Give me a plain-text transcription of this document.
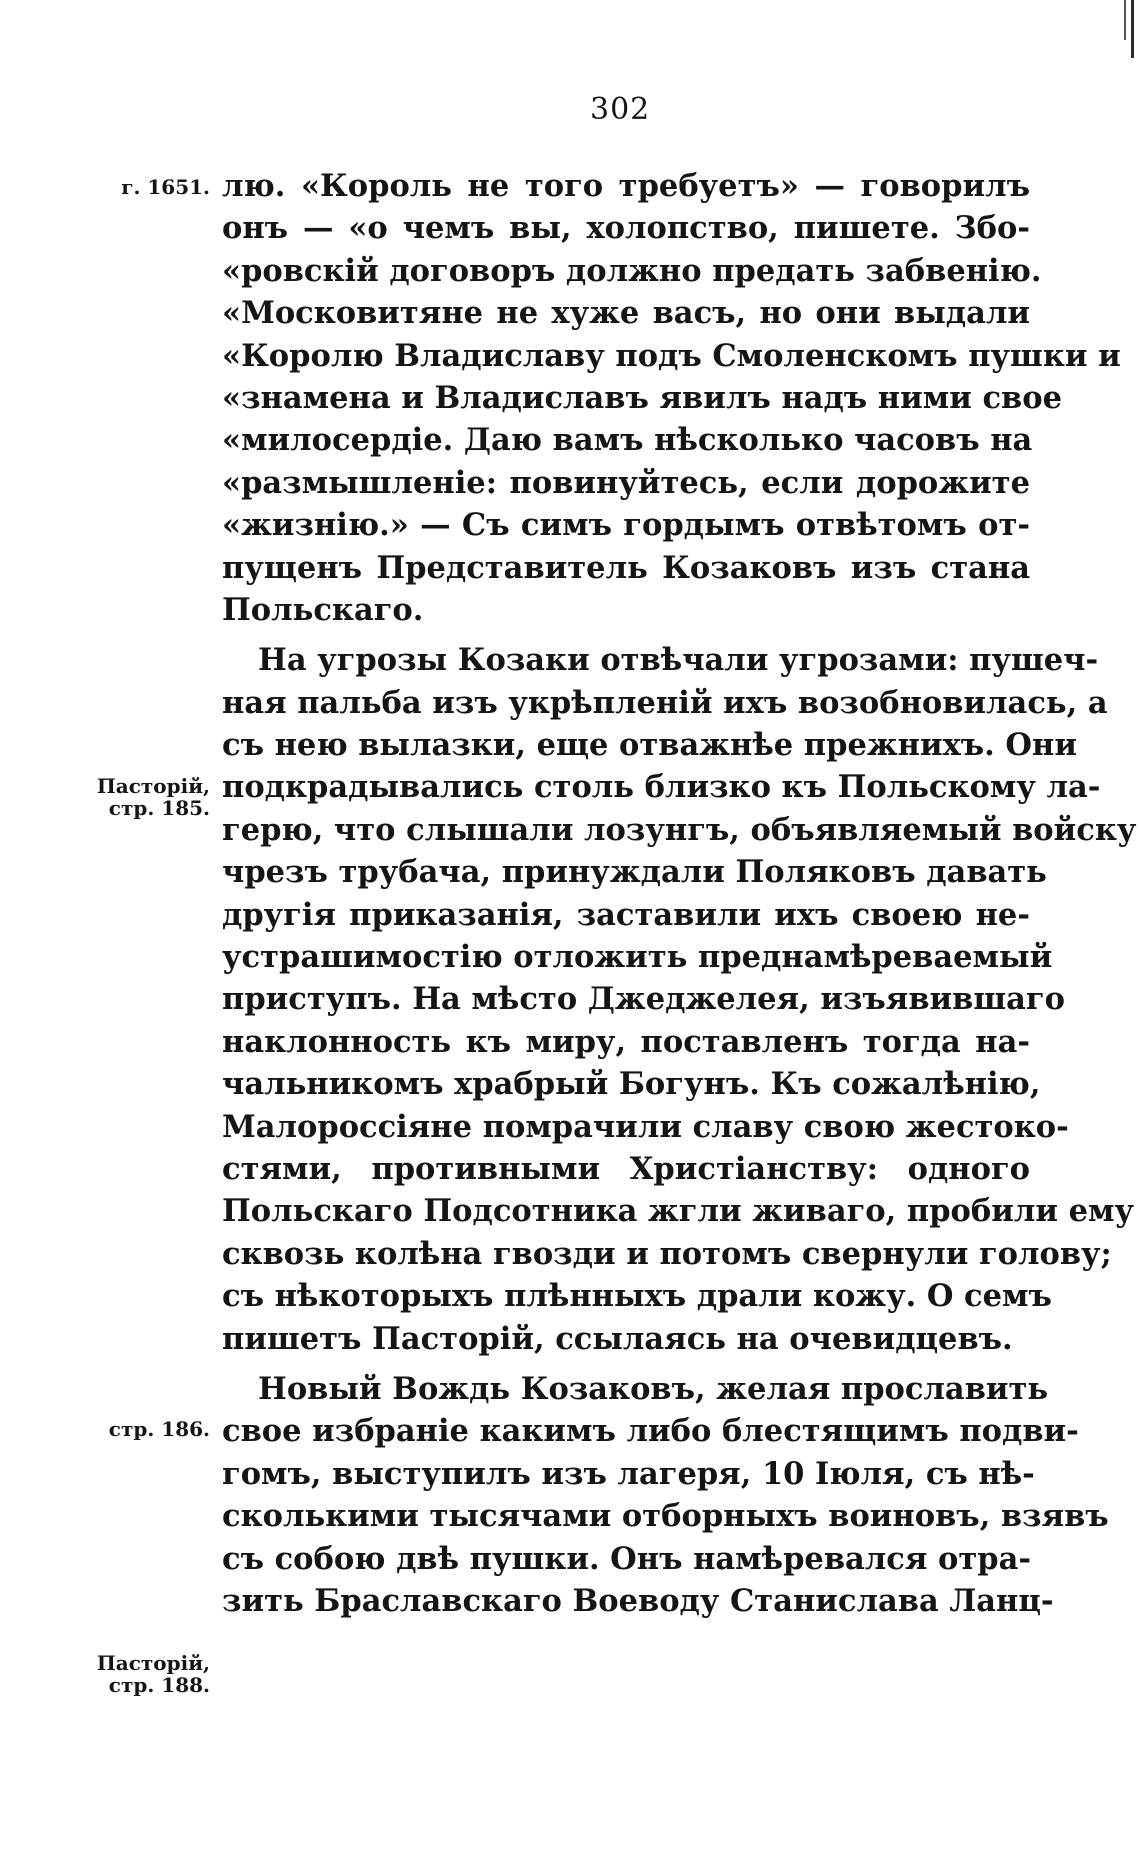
302
г. 1651.
Пасторій,
стр. 185.
стр. 186.
Пасторій,
стр. 188.
лю. «Король не того требуетъ» — говорилъ
онъ — «о чемъ вы, холопство, пишете. Збо-
«ровскій договоръ должно предать забвенію.
«Московитяне не хуже васъ, но они выдали
«Королю Владиславу подъ Смоленскомъ пушки и
«знамена и Владиславъ явилъ надъ ними свое
«милосердіе. Даю вамъ нѣсколько часовъ на
«размышленіе: повинуйтесь, если дорожите
«жизнію.» — Съ симъ гордымъ отвѣтомъ от-
пущенъ Представитель Козаковъ изъ стана
Польскаго.
На угрозы Козаки отвѣчали угрозами: пушеч-
ная пальба изъ укрѣпленій ихъ возобновилась, а
съ нею вылазки, еще отважнѣе прежнихъ. Они
подкрадывались столь близко къ Польскому ла-
герю, что слышали лозунгъ, объявляемый войску
чрезъ трубача, принуждали Поляковъ давать
другія приказанія, заставили ихъ своею не-
устрашимостію отложить преднамѣреваемый
приступъ. На мѣсто Джеджелея, изъявившаго
наклонность къ миру, поставленъ тогда на-
чальникомъ храбрый Богунъ. Къ сожалѣнію,
Малороссіяне помрачили славу свою жестоко-
стями, противными Христіанству: одного
Польскаго Подсотника жгли живаго, пробили ему
сквозь колѣна гвозди и потомъ свернули голову;
съ нѣкоторыхъ плѣнныхъ драли кожу. О семъ
пишетъ Пасторій, ссылаясь на очевидцевъ.
Новый Вождь Козаковъ, желая прославить
свое избраніе какимъ либо блестящимъ подви-
гомъ, выступилъ изъ лагеря, 10 Іюля, съ нѣ-
сколькими тысячами отборныхъ воиновъ, взявъ
съ собою двѣ пушки. Онъ намѣревался отра-
зить Браславскаго Воеводу Станислава Ланц-
